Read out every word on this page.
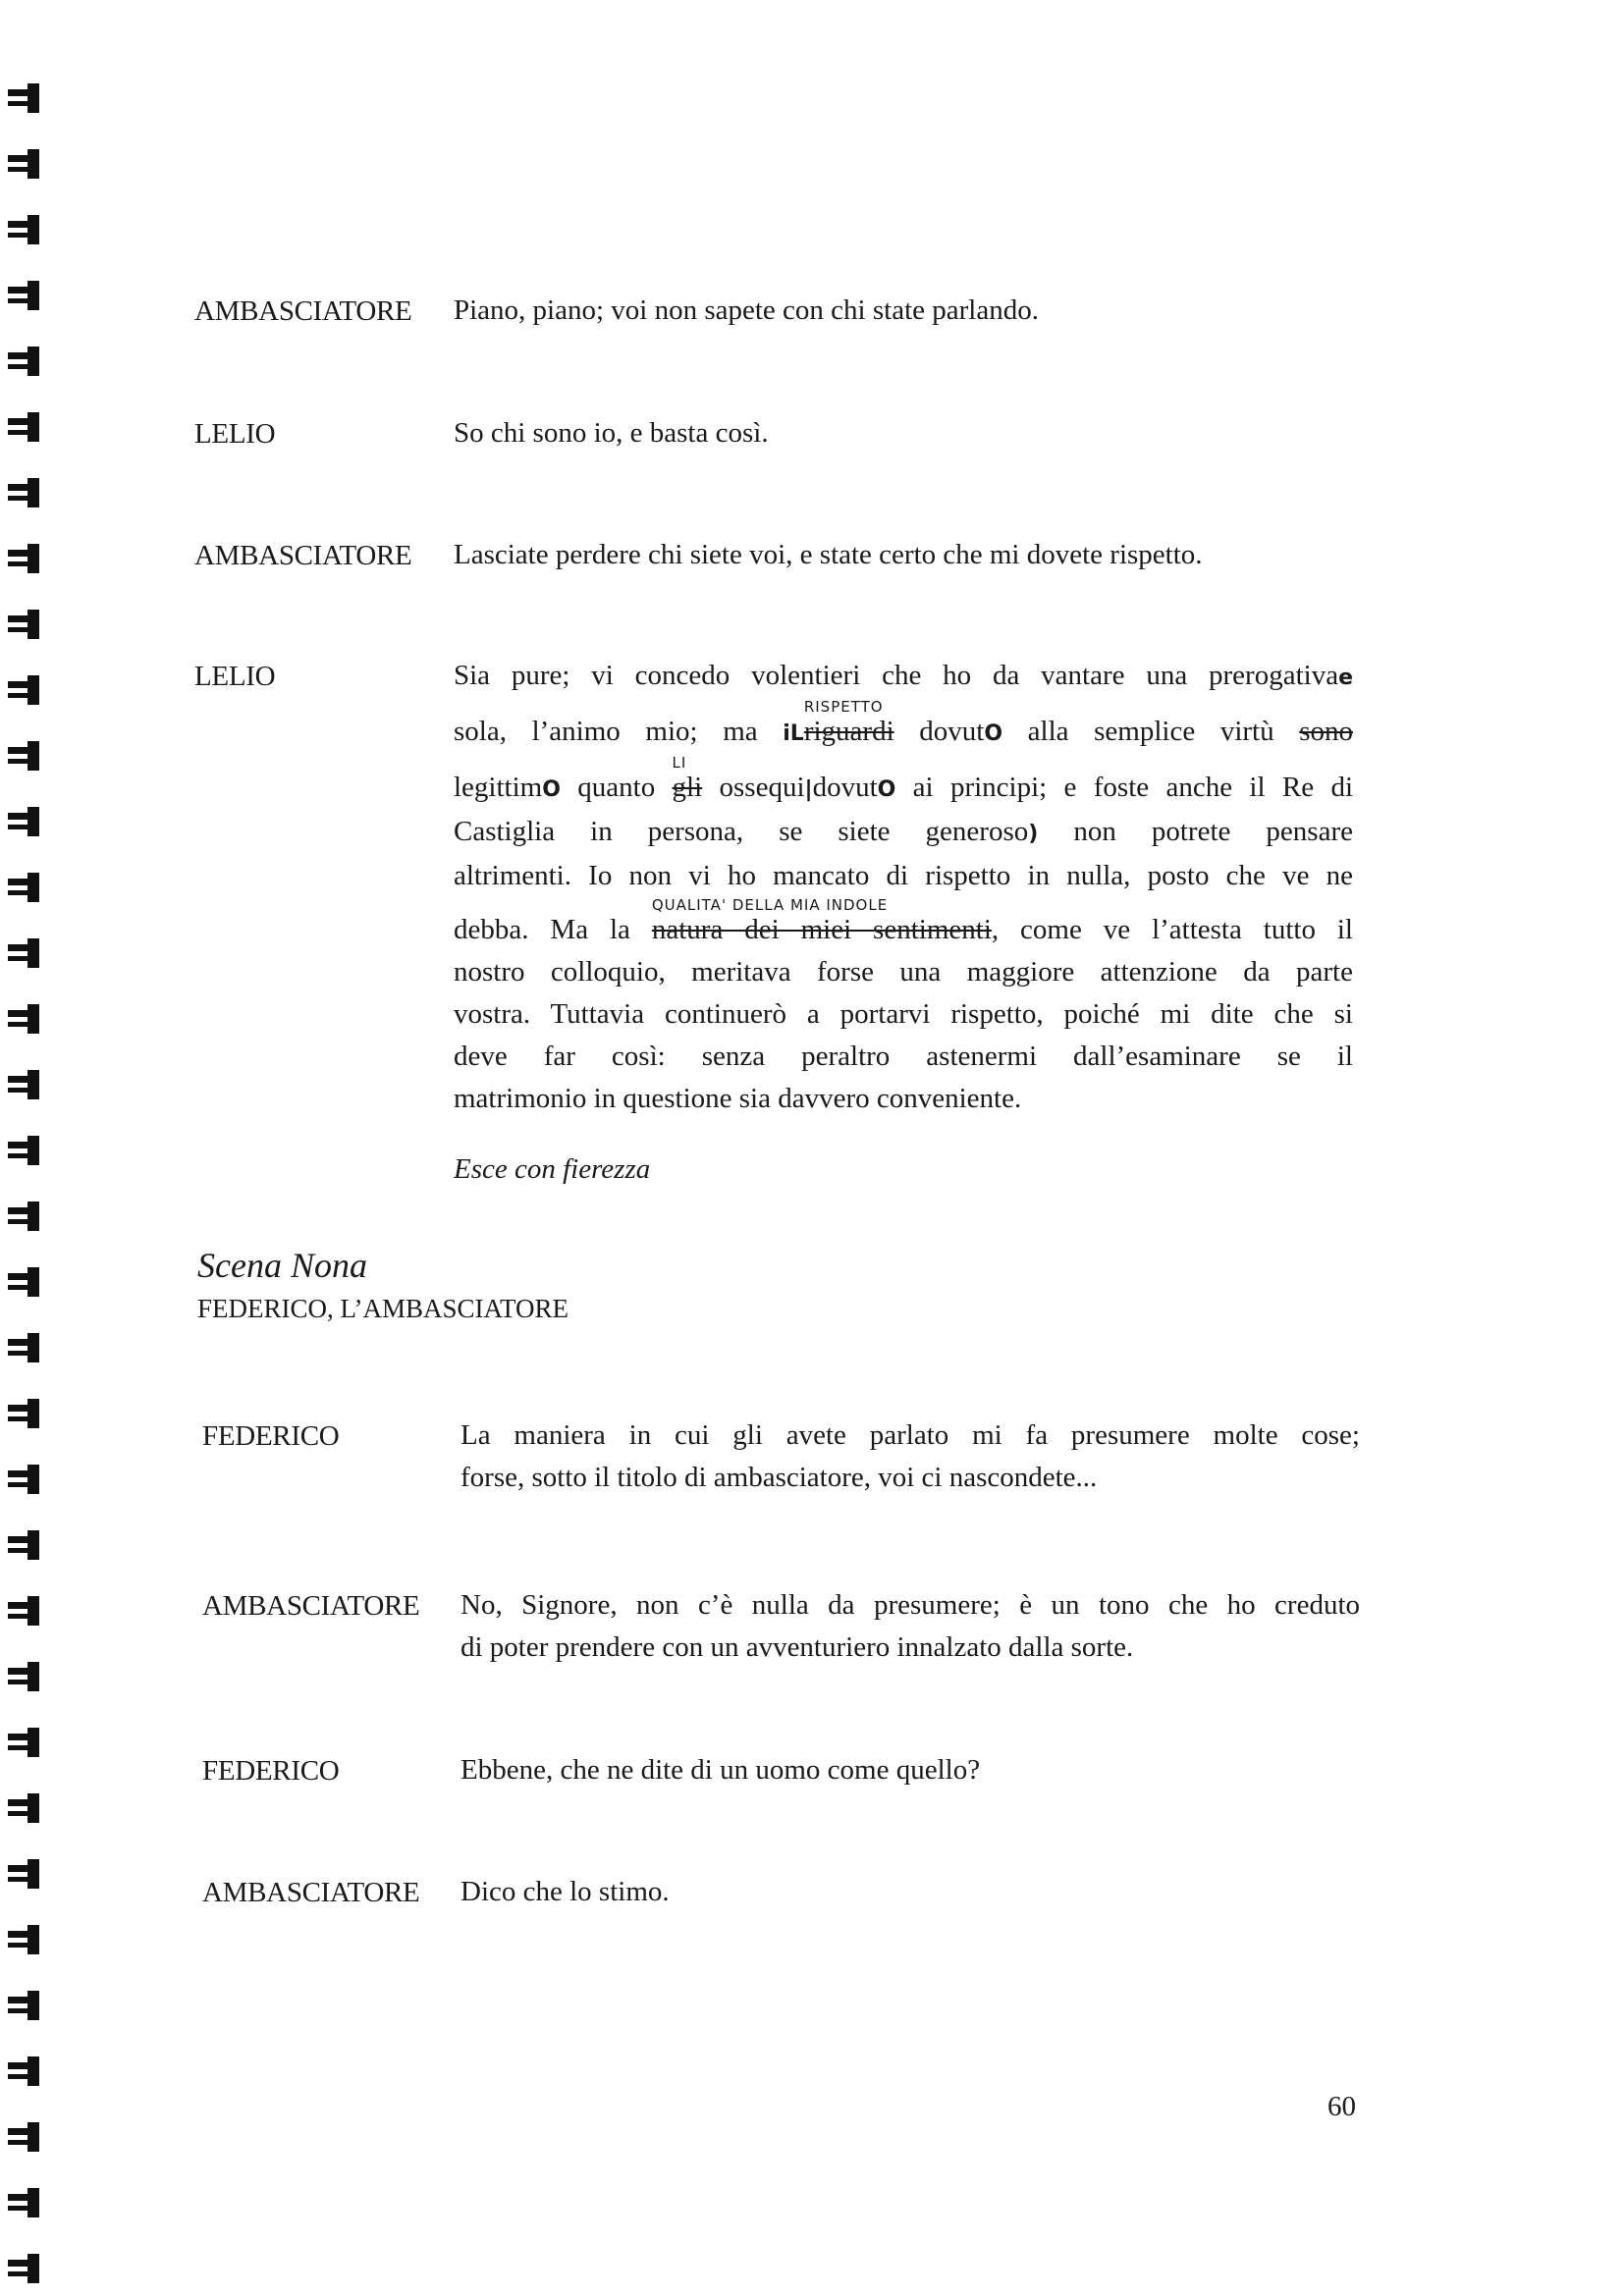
AMBASCIATORE Piano, piano; voi non sapete con chi state parlando.
LELIO	So chi sono io, e basta così.
AMBASCIATORE Lasciate perdere chi siete voi, e state certo che mi dovete rispetto.
LELIO	Sia pure; vi concedo volentieri che ho da vantare una prerogativae
sola, l’animo mio; ma iL
RISPETTO
riguardi dovutO alla semplice virtù sono
legittimO quanto
LI
gli ossequi|dovutO ai principi; e foste anche il Re di
Castiglia in persona, se siete generoso) non potrete pensare
altrimenti. Io non vi ho mancato di rispetto in nulla, posto che ve ne
debba. Ma la
QUALITA' DELLA MIA INDOLE
natura dei miei sentimenti, come ve l’attesta tutto il
nostro colloquio, meritava forse una maggiore attenzione da parte
vostra. Tuttavia continuerò a portarvi rispetto, poiché mi dite che si
deve far così: senza peraltro astenermi dall’esaminare se il
matrimonio in questione sia davvero conveniente.
FEDERICO	La maniera in cui gli avete parlato mi fa presumere molte cose;
forse, sotto il titolo di ambasciatore, voi ci nascondete...
AMBASCIATORE No, Signore, non c’è nulla da presumere; è un tono che ho creduto
di poter prendere con un avventuriero innalzato dalla sorte.
FEDERICO	Ebbene, che ne dite di un uomo come quello?
AMBASCIATORE Dico che lo stimo.
Esce con fierezza
Scena Nona
FEDERICO, L’AMBASCIATORE
60
